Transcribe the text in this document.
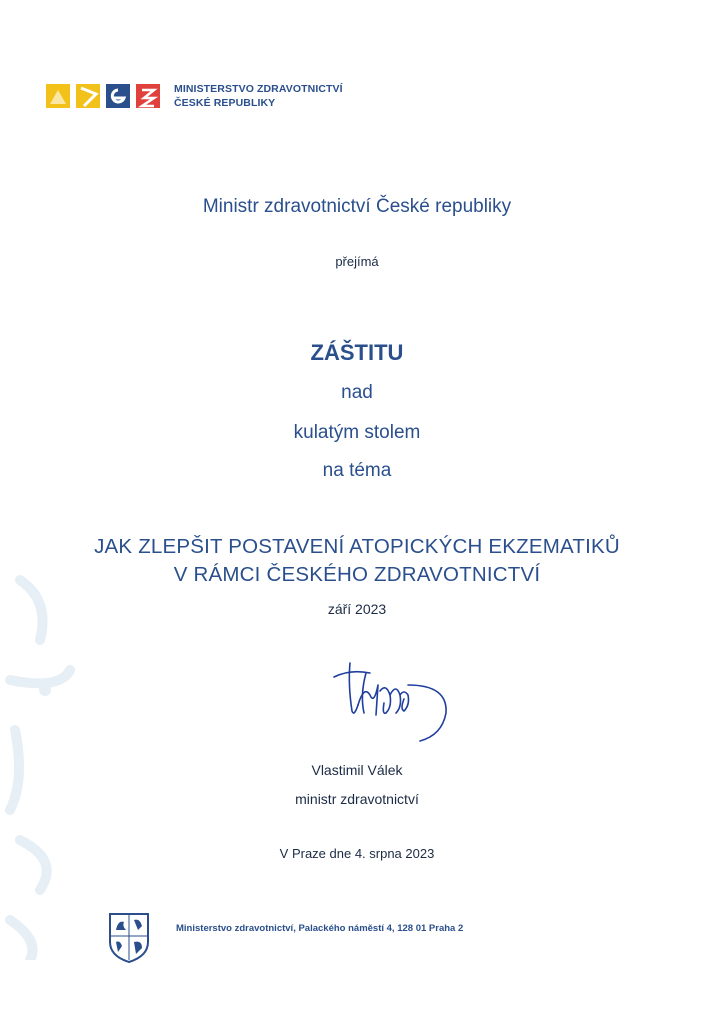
MINISTERSTVO ZDRAVOTNICTVÍ
ČESKÉ REPUBLIKY
Ministr zdravotnictví České republiky
přejímá
ZÁŠTITU
nad
kulatým stolem
na téma
JAK ZLEPŠIT POSTAVENÍ ATOPICKÝCH EKZEMATIKŮ
V RÁMCI ČESKÉHO ZDRAVOTNICTVÍ
září 2023
Vlastimil Válek
ministr zdravotnictví
V Praze dne 4. srpna 2023
Ministerstvo zdravotnictví, Palackého náměstí 4, 128 01 Praha 2
